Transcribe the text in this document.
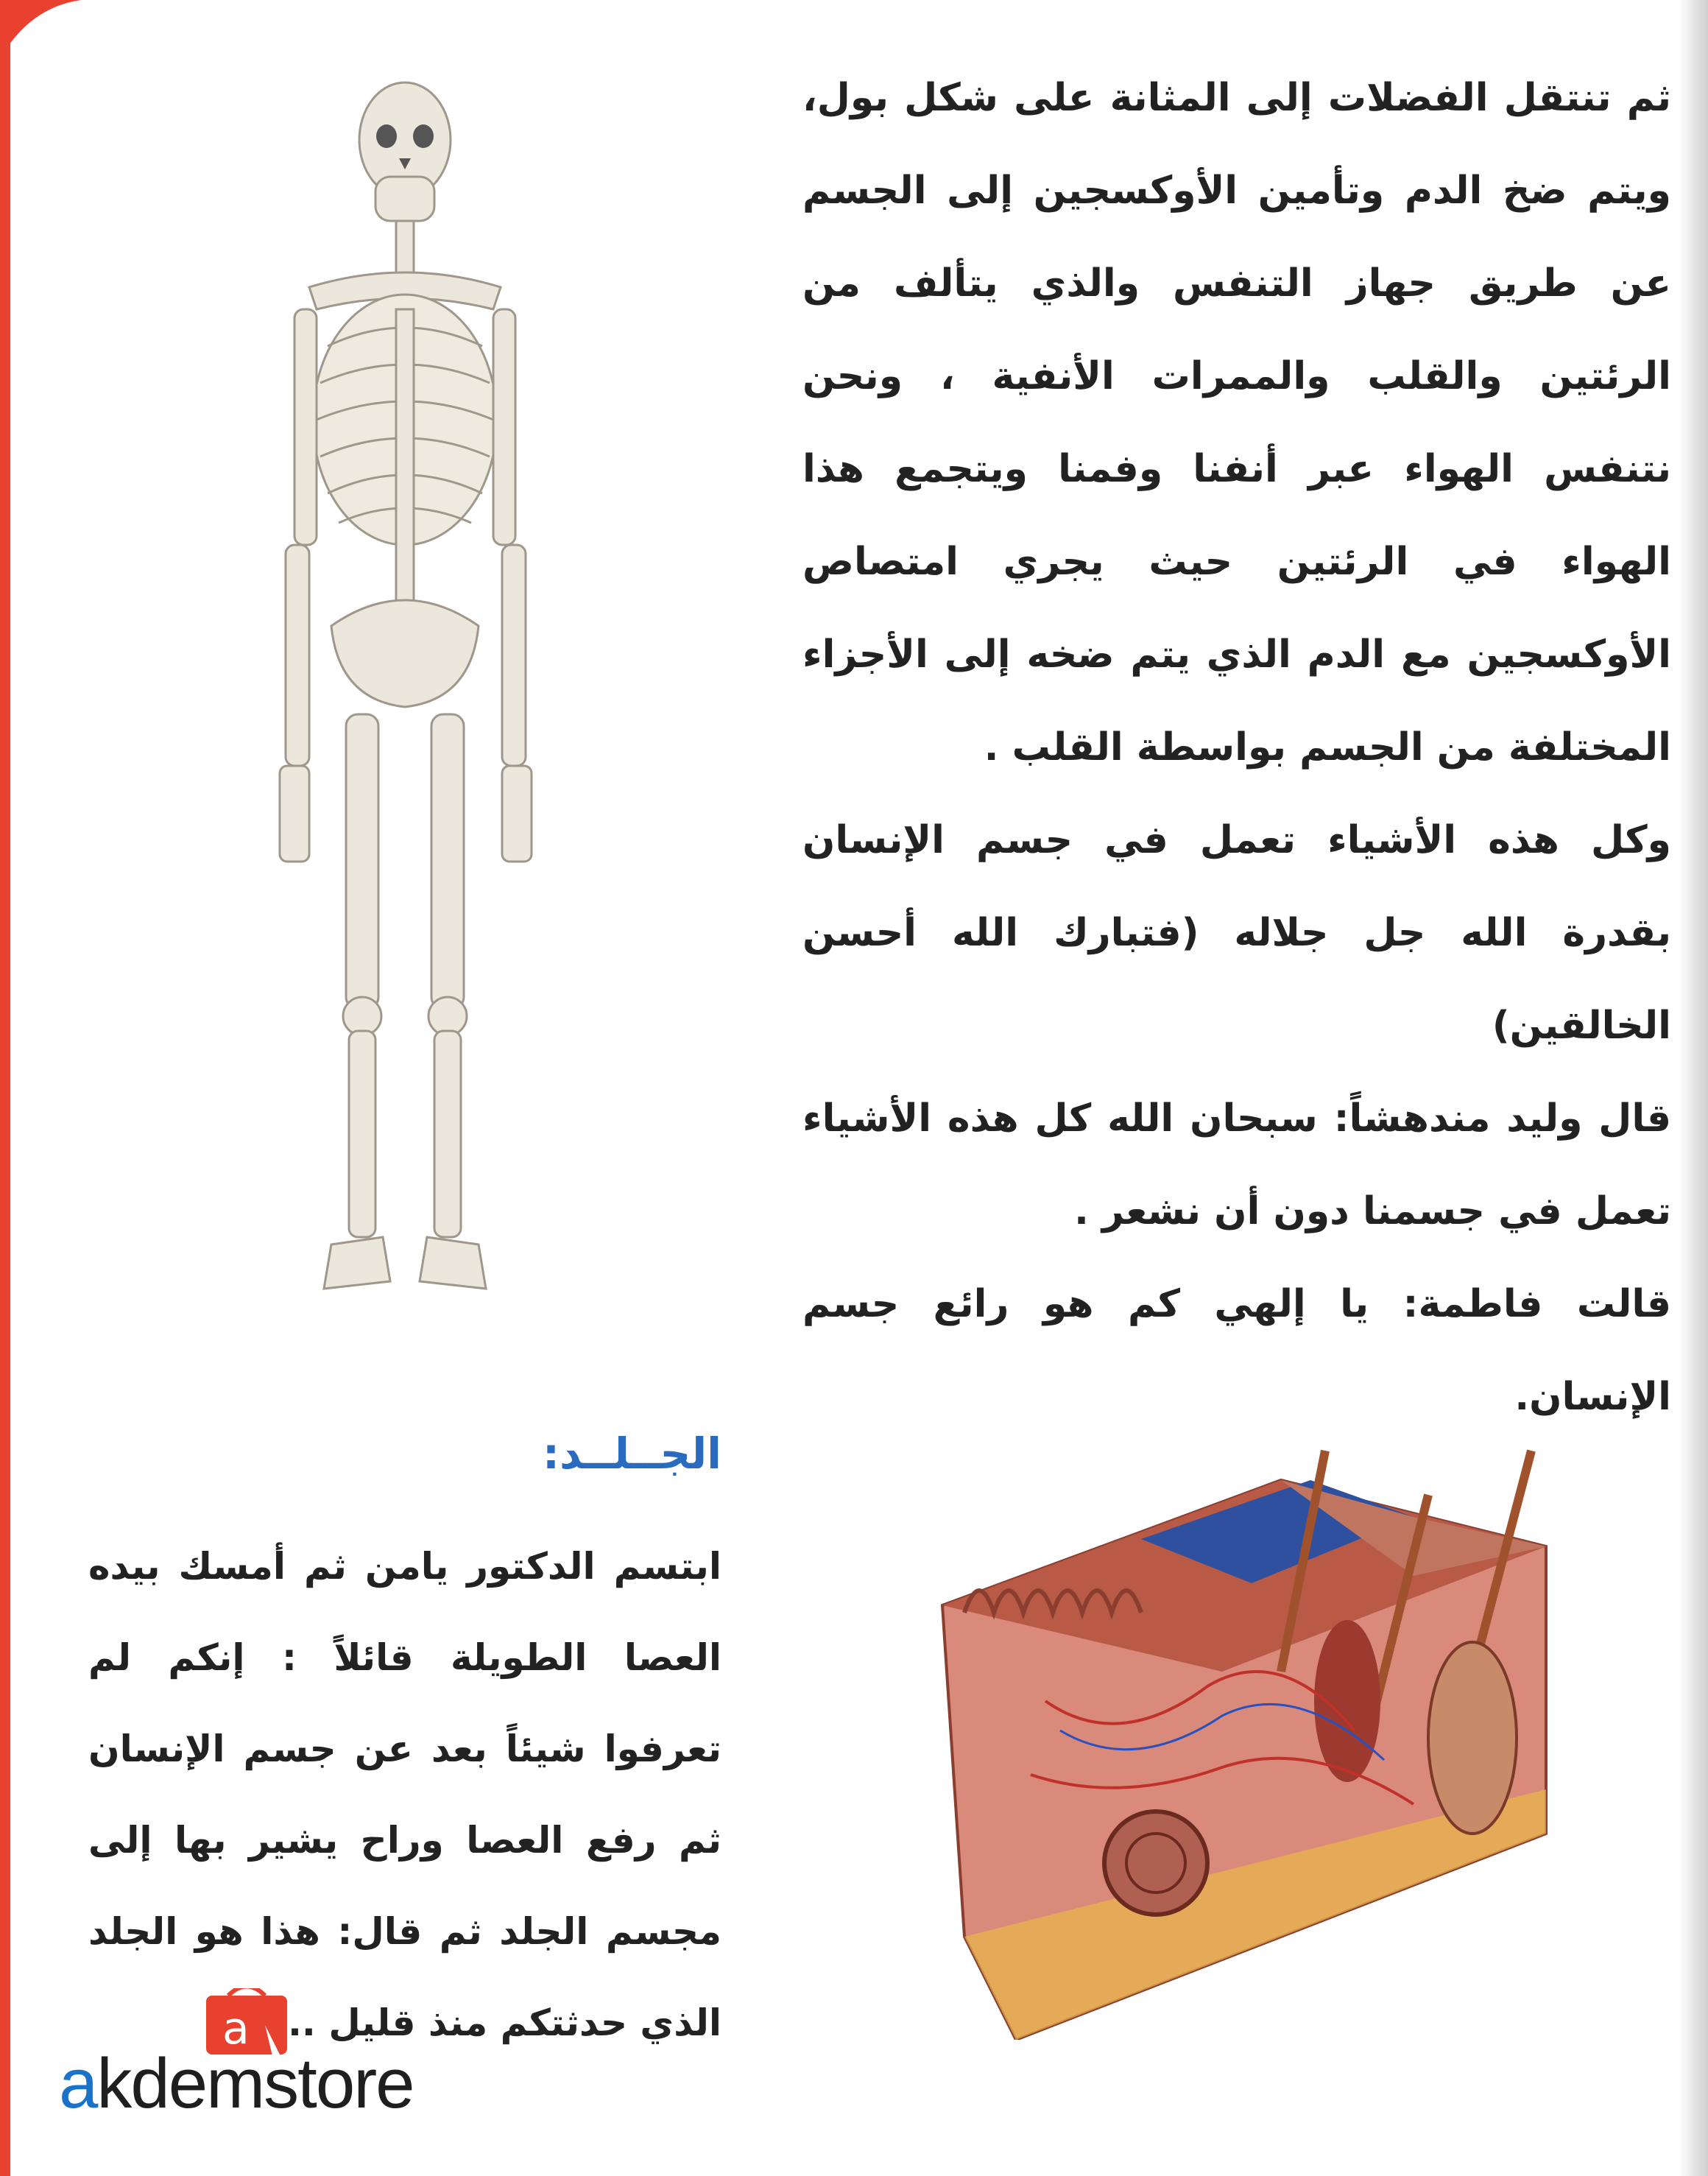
ثم تنتقل الفضلات إلى المثانة على شكل بول، ويتم ضخ الدم وتأمين الأوكسجين إلى الجسم عن طريق جهاز التنفس والذي يتألف من الرئتين والقلب والممرات الأنفية ، ونحن نتنفس الهواء عبر أنفنا وفمنا ويتجمع هذا الهواء في الرئتين حيث يجري امتصاص الأوكسجين مع الدم الذي يتم ضخه إلى الأجزاء المختلفة من الجسم بواسطة القلب .

وكل هذه الأشياء تعمل في جسم الإنسان بقدرة الله جل جلاله (فتبارك الله أحسن الخالقين)

قال وليد مندهشاً: سبحان الله كل هذه الأشياء تعمل في جسمنا دون أن نشعر .

قالت فاطمة: يا إلهي كم هو رائع جسم الإنسان.

الجــلــد:

ابتسم الدكتور يامن ثم أمسك بيده العصا الطويلة قائلاً : إنكم لم تعرفوا شيئاً بعد عن جسم الإنسان ثم رفع العصا وراح يشير بها إلى مجسم الجلد ثم قال: هذا هو الجلد الذي حدثتكم منذ قليل ..

a
akdemstore
